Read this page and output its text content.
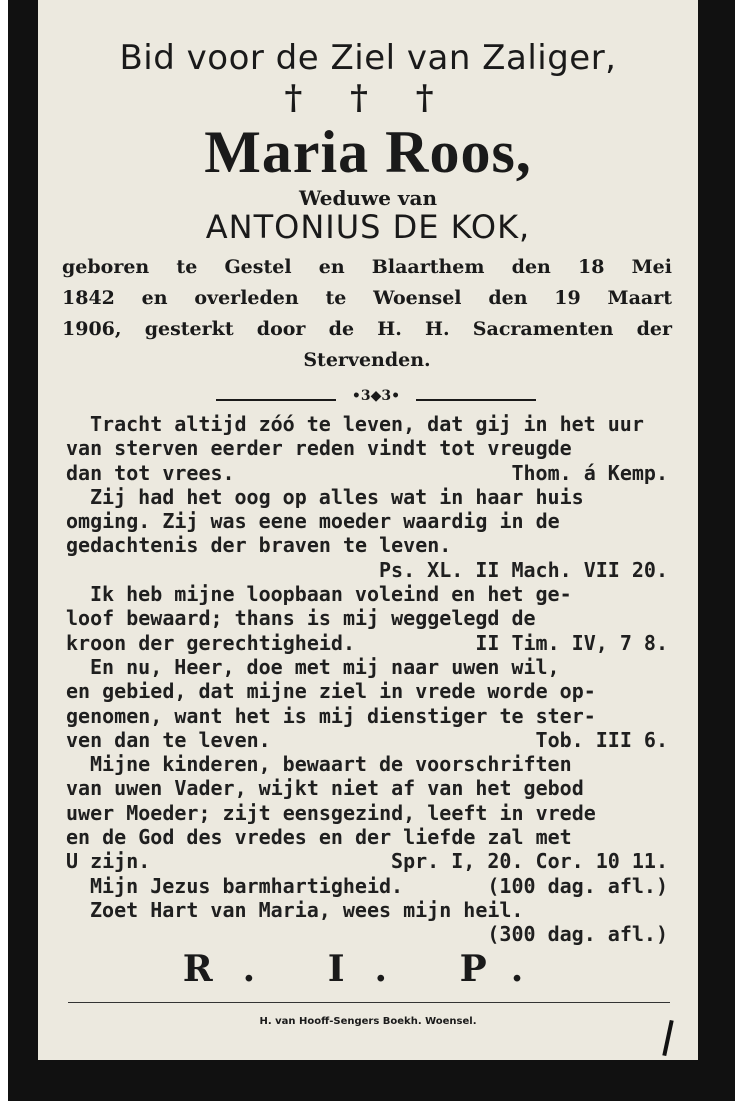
Bid voor de Ziel van Zaliger,
† † †
Maria Roos,
Weduwe van
ANTONIUS DE KOK,
geboren te Gestel en Blaarthem den 18 Mei
1842 en overleden te Woensel den 19 Maart
1906, gesterkt door de H. H. Sacramenten der
Stervenden.
•3◆3•
Tracht altijd zóó te leven, dat gij in het uur
van sterven eerder reden vindt tot vreugde
dan tot vrees.	Thom. á Kemp.
Zij had het oog op alles wat in haar huis
omging. Zij was eene moeder waardig in de
gedachtenis der braven te leven.
Ps. XL. II Mach. VII 20.
Ik heb mijne loopbaan voleind en het ge-
loof bewaard; thans is mij weggelegd de
kroon der gerechtigheid.	II Tim. IV, 7 8.
En nu, Heer, doe met mij naar uwen wil,
en gebied, dat mijne ziel in vrede worde op-
genomen, want het is mij dienstiger te ster-
ven dan te leven.	Tob. III 6.
Mijne kinderen, bewaart de voorschriften
van uwen Vader, wijkt niet af van het gebod
uwer Moeder; zijt eensgezind, leeft in vrede
en de God des vredes en der liefde zal met
U zijn.	Spr. I, 20. Cor. 10 11.
Mijn Jezus barmhartigheid.	(100 dag. afl.)
Zoet Hart van Maria, wees mijn heil.
(300 dag. afl.)
R. I. P.
H. van Hooff-Sengers Boekh. Woensel.
